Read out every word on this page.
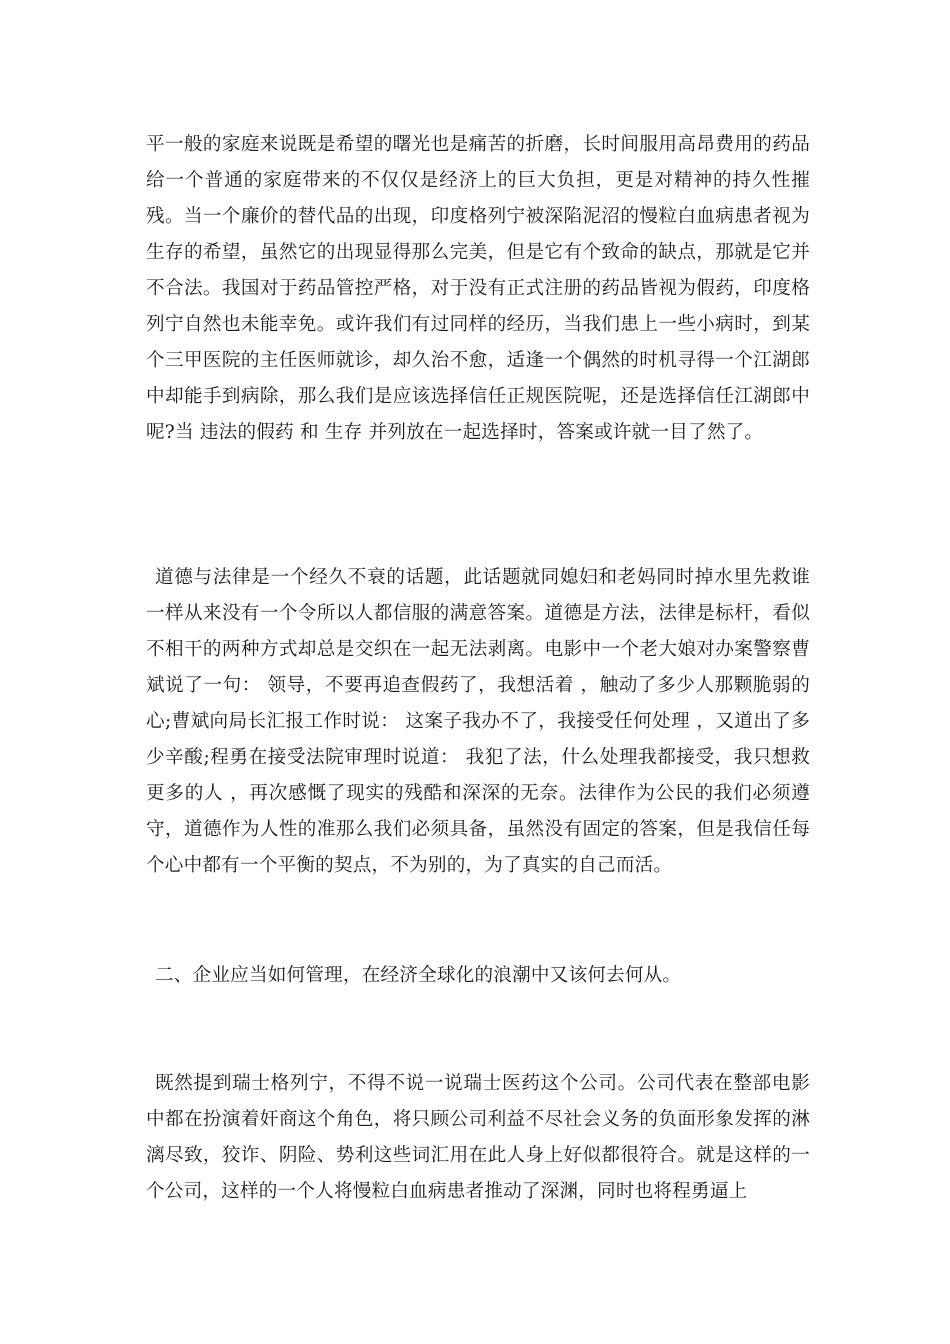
平一般的家庭来说既是希望的曙光也是痛苦的折磨，长时间服用高昂费用的药品给一个普通的家庭带来的不仅仅是经济上的巨大负担，更是对精神的持久性摧残。当一个廉价的替代品的出现，印度格列宁被深陷泥沼的慢粒白血病患者视为生存的希望，虽然它的出现显得那么完美，但是它有个致命的缺点，那就是它并不合法。我国对于药品管控严格，对于没有正式注册的药品皆视为假药，印度格列宁自然也未能幸免。或许我们有过同样的经历，当我们患上一些小病时，到某个三甲医院的主任医师就诊，却久治不愈，适逢一个偶然的时机寻得一个江湖郎中却能手到病除，那么我们是应该选择信任正规医院呢，还是选择信任江湖郎中呢?当 违法的假药 和 生存 并列放在一起选择时，答案或许就一目了然了。

道德与法律是一个经久不衰的话题，此话题就同媳妇和老妈同时掉水里先救谁一样从来没有一个令所以人都信服的满意答案。道德是方法，法律是标杆，看似不相干的两种方式却总是交织在一起无法剥离。电影中一个老大娘对办案警察曹斌说了一句： 领导，不要再追查假药了，我想活着 ，触动了多少人那颗脆弱的心;曹斌向局长汇报工作时说： 这案子我办不了，我接受任何处理 ，又道出了多少辛酸;程勇在接受法院审理时说道： 我犯了法，什么处理我都接受，我只想救更多的人 ，再次感慨了现实的残酷和深深的无奈。法律作为公民的我们必须遵守，道德作为人性的准那么我们必须具备，虽然没有固定的答案，但是我信任每个心中都有一个平衡的契点，不为别的，为了真实的自己而活。

二、企业应当如何管理，在经济全球化的浪潮中又该何去何从。

既然提到瑞士格列宁，不得不说一说瑞士医药这个公司。公司代表在整部电影中都在扮演着奸商这个角色，将只顾公司利益不尽社会义务的负面形象发挥的淋漓尽致，狡诈、阴险、势利这些词汇用在此人身上好似都很符合。就是这样的一个公司，这样的一个人将慢粒白血病患者推动了深渊，同时也将程勇逼上
